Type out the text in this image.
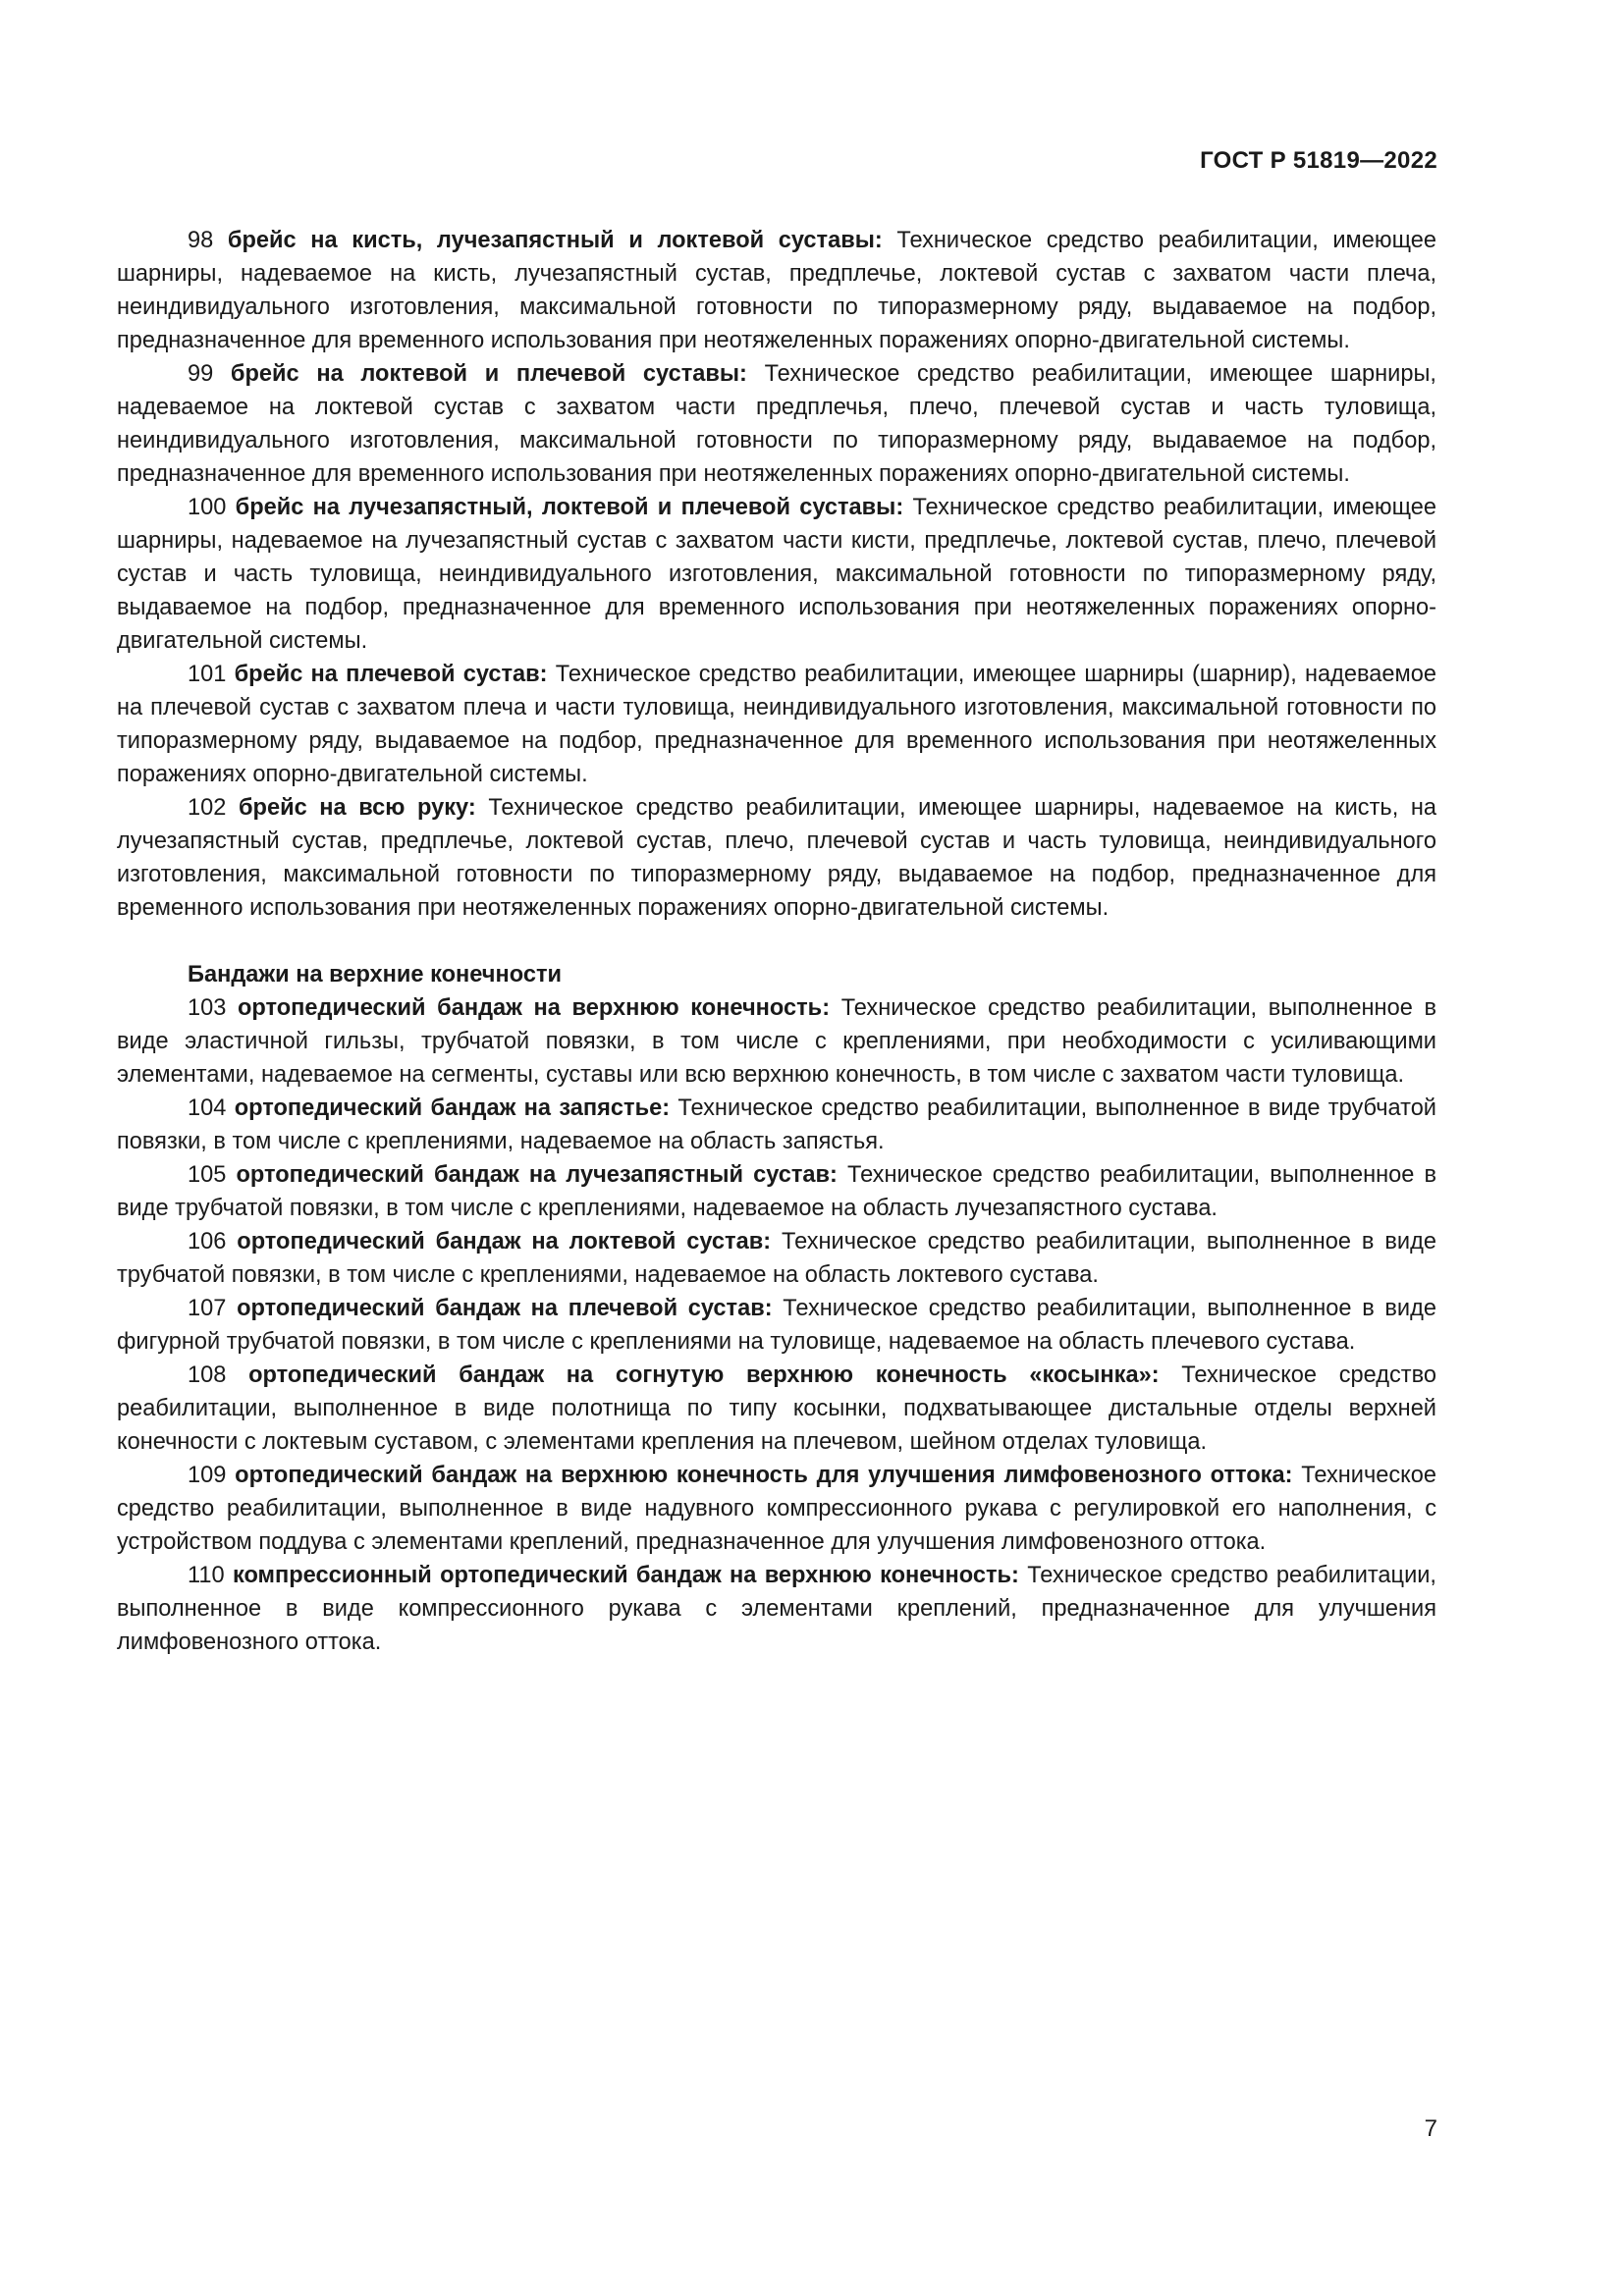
ГОСТ Р 51819—2022

98 брейс на кисть, лучезапястный и локтевой суставы: Техническое средство реабилитации, имеющее шарниры, надеваемое на кисть, лучезапястный сустав, предплечье, локтевой сустав с захватом части плеча, неиндивидуального изготовления, максимальной готовности по типоразмерному ряду, выдаваемое на подбор, предназначенное для временного использования при неотяжеленных поражениях опорно-двигательной системы.

99 брейс на локтевой и плечевой суставы: Техническое средство реабилитации, имеющее шарниры, надеваемое на локтевой сустав с захватом части предплечья, плечо, плечевой сустав и часть туловища, неиндивидуального изготовления, максимальной готовности по типоразмерному ряду, выдаваемое на подбор, предназначенное для временного использования при неотяжеленных поражениях опорно-двигательной системы.

100 брейс на лучезапястный, локтевой и плечевой суставы: Техническое средство реабилитации, имеющее шарниры, надеваемое на лучезапястный сустав с захватом части кисти, предплечье, локтевой сустав, плечо, плечевой сустав и часть туловища, неиндивидуального изготовления, максимальной готовности по типоразмерному ряду, выдаваемое на подбор, предназначенное для временного использования при неотяжеленных поражениях опорно-двигательной системы.

101 брейс на плечевой сустав: Техническое средство реабилитации, имеющее шарниры (шарнир), надеваемое на плечевой сустав с захватом плеча и части туловища, неиндивидуального изготовления, максимальной готовности по типоразмерному ряду, выдаваемое на подбор, предназначенное для временного использования при неотяжеленных поражениях опорно-двигательной системы.

102 брейс на всю руку: Техническое средство реабилитации, имеющее шарниры, надеваемое на кисть, на лучезапястный сустав, предплечье, локтевой сустав, плечо, плечевой сустав и часть туловища, неиндивидуального изготовления, максимальной готовности по типоразмерному ряду, выдаваемое на подбор, предназначенное для временного использования при неотяжеленных поражениях опорно-двигательной системы.

Бандажи на верхние конечности

103 ортопедический бандаж на верхнюю конечность: Техническое средство реабилитации, выполненное в виде эластичной гильзы, трубчатой повязки, в том числе с креплениями, при необходимости с усиливающими элементами, надеваемое на сегменты, суставы или всю верхнюю конечность, в том числе с захватом части туловища.

104 ортопедический бандаж на запястье: Техническое средство реабилитации, выполненное в виде трубчатой повязки, в том числе с креплениями, надеваемое на область запястья.

105 ортопедический бандаж на лучезапястный сустав: Техническое средство реабилитации, выполненное в виде трубчатой повязки, в том числе с креплениями, надеваемое на область лучезапястного сустава.

106 ортопедический бандаж на локтевой сустав: Техническое средство реабилитации, выполненное в виде трубчатой повязки, в том числе с креплениями, надеваемое на область локтевого сустава.

107 ортопедический бандаж на плечевой сустав: Техническое средство реабилитации, выполненное в виде фигурной трубчатой повязки, в том числе с креплениями на туловище, надеваемое на область плечевого сустава.

108 ортопедический бандаж на согнутую верхнюю конечность «косынка»: Техническое средство реабилитации, выполненное в виде полотнища по типу косынки, подхватывающее дистальные отделы верхней конечности с локтевым суставом, с элементами крепления на плечевом, шейном отделах туловища.

109 ортопедический бандаж на верхнюю конечность для улучшения лимфовенозного оттока: Техническое средство реабилитации, выполненное в виде надувного компрессионного рукава с регулировкой его наполнения, с устройством поддува с элементами креплений, предназначенное для улучшения лимфовенозного оттока.

110 компрессионный ортопедический бандаж на верхнюю конечность: Техническое средство реабилитации, выполненное в виде компрессионного рукава с элементами креплений, предназначенное для улучшения лимфовенозного оттока.

7
